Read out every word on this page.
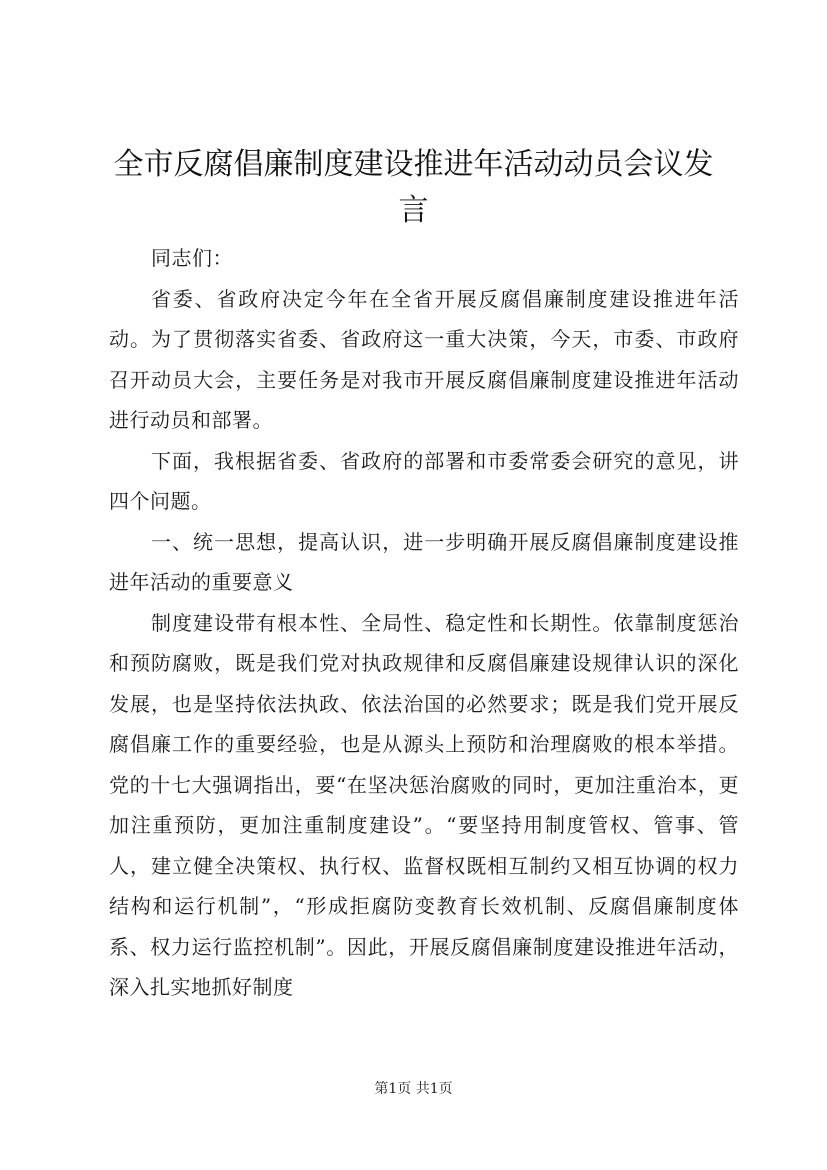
全市反腐倡廉制度建设推进年活动动员会议发言

同志们：

省委、省政府决定今年在全省开展反腐倡廉制度建设推进年活动。为了贯彻落实省委、省政府这一重大决策，今天，市委、市政府召开动员大会，主要任务是对我市开展反腐倡廉制度建设推进年活动进行动员和部署。

下面，我根据省委、省政府的部署和市委常委会研究的意见，讲四个问题。

一、统一思想，提高认识，进一步明确开展反腐倡廉制度建设推进年活动的重要意义

制度建设带有根本性、全局性、稳定性和长期性。依靠制度惩治和预防腐败，既是我们党对执政规律和反腐倡廉建设规律认识的深化发展，也是坚持依法执政、依法治国的必然要求；既是我们党开展反腐倡廉工作的重要经验，也是从源头上预防和治理腐败的根本举措。党的十七大强调指出，要“在坚决惩治腐败的同时，更加注重治本，更加注重预防，更加注重制度建设”。“要坚持用制度管权、管事、管人，建立健全决策权、执行权、监督权既相互制约又相互协调的权力结构和运行机制”，“形成拒腐防变教育长效机制、反腐倡廉制度体系、权力运行监控机制”。因此，开展反腐倡廉制度建设推进年活动，深入扎实地抓好制度

第1页 共1页
